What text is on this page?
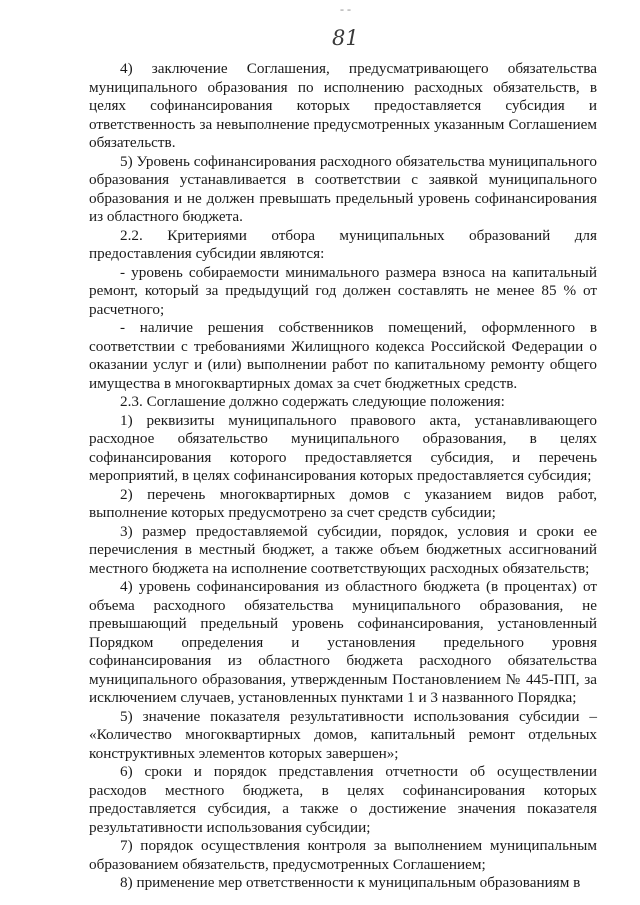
- -
81

4) заключение Соглашения, предусматривающего обязательства муниципального образования по исполнению расходных обязательств, в целях софинансирования которых предоставляется субсидия и ответственность за невыполнение предусмотренных указанным Соглашением обязательств.

5) Уровень софинансирования расходного обязательства муниципального образования устанавливается в соответствии с заявкой муниципального образования и не должен превышать предельный уровень софинансирования из областного бюджета.

2.2. Критериями отбора муниципальных образований для предоставления субсидии являются:

- уровень собираемости минимального размера взноса на капитальный ремонт, который за предыдущий год должен составлять не менее 85 % от расчетного;

- наличие решения собственников помещений, оформленного в соответствии с требованиями Жилищного кодекса Российской Федерации о оказании услуг и (или) выполнении работ по капитальному ремонту общего имущества в многоквартирных домах за счет бюджетных средств.

2.3. Соглашение должно содержать следующие положения:

1) реквизиты муниципального правового акта, устанавливающего расходное обязательство муниципального образования, в целях софинансирования которого предоставляется субсидия, и перечень мероприятий, в целях софинансирования которых предоставляется субсидия;

2) перечень многоквартирных домов с указанием видов работ, выполнение которых предусмотрено за счет средств субсидии;

3) размер предоставляемой субсидии, порядок, условия и сроки ее перечисления в местный бюджет, а также объем бюджетных ассигнований местного бюджета на исполнение соответствующих расходных обязательств;

4) уровень софинансирования из областного бюджета (в процентах) от объема расходного обязательства муниципального образования, не превышающий предельный уровень софинансирования, установленный Порядком определения и установления предельного уровня софинансирования из областного бюджета расходного обязательства муниципального образования, утвержденным Постановлением № 445-ПП, за исключением случаев, установленных пунктами 1 и 3 названного Порядка;

5) значение показателя результативности использования субсидии – «Количество многоквартирных домов, капитальный ремонт отдельных конструктивных элементов которых завершен»;

6) сроки и порядок представления отчетности об осуществлении расходов местного бюджета, в целях софинансирования которых предоставляется субсидия, а также о достижение значения показателя результативности использования субсидии;

7) порядок осуществления контроля за выполнением муниципальным образованием обязательств, предусмотренных Соглашением;

8) применение мер ответственности к муниципальным образованиям в
